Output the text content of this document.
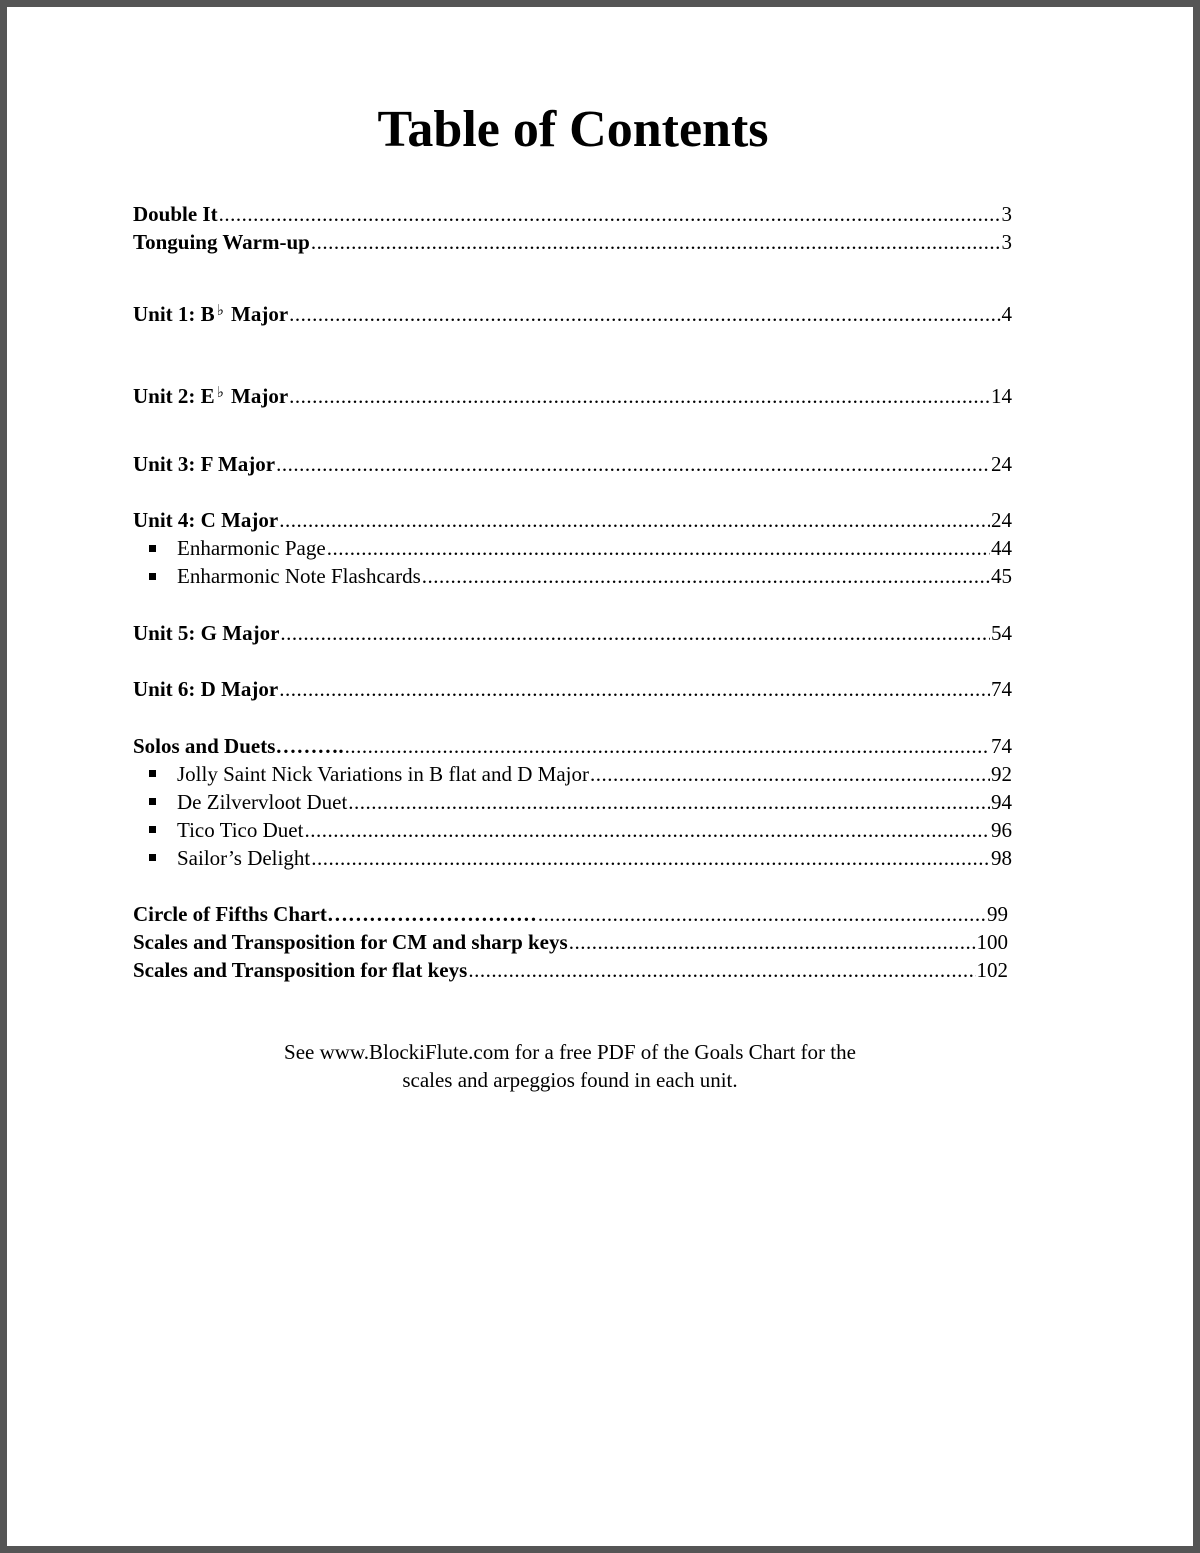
Table of Contents
Double It .....	3
Tonguing Warm-up .....	3
Unit 1: B ♭ Major .....	4
Unit 2: E ♭ Major .....	14
Unit 3: F Major .....	24
Unit 4: C Major .....	24
Enharmonic Page .....	44
Enharmonic Note Flashcards .....	45
Unit 5: G Major .....	54
Unit 6: D Major .....	74
Solos and Duets………. .....	74
Jolly Saint Nick Variations in B flat and D Major .....	92
De Zilvervloot Duet .....	94
Tico Tico Duet .....	96
Sailor’s Delight .....	98
Circle of Fifths Chart………………………… .....	99
Scales and Transposition for CM and sharp keys .....	100
Scales and Transposition for flat keys .....	102
See www.BlockiFlute.com for a free PDF of the Goals Chart for the
scales and arpeggios found in each unit.
